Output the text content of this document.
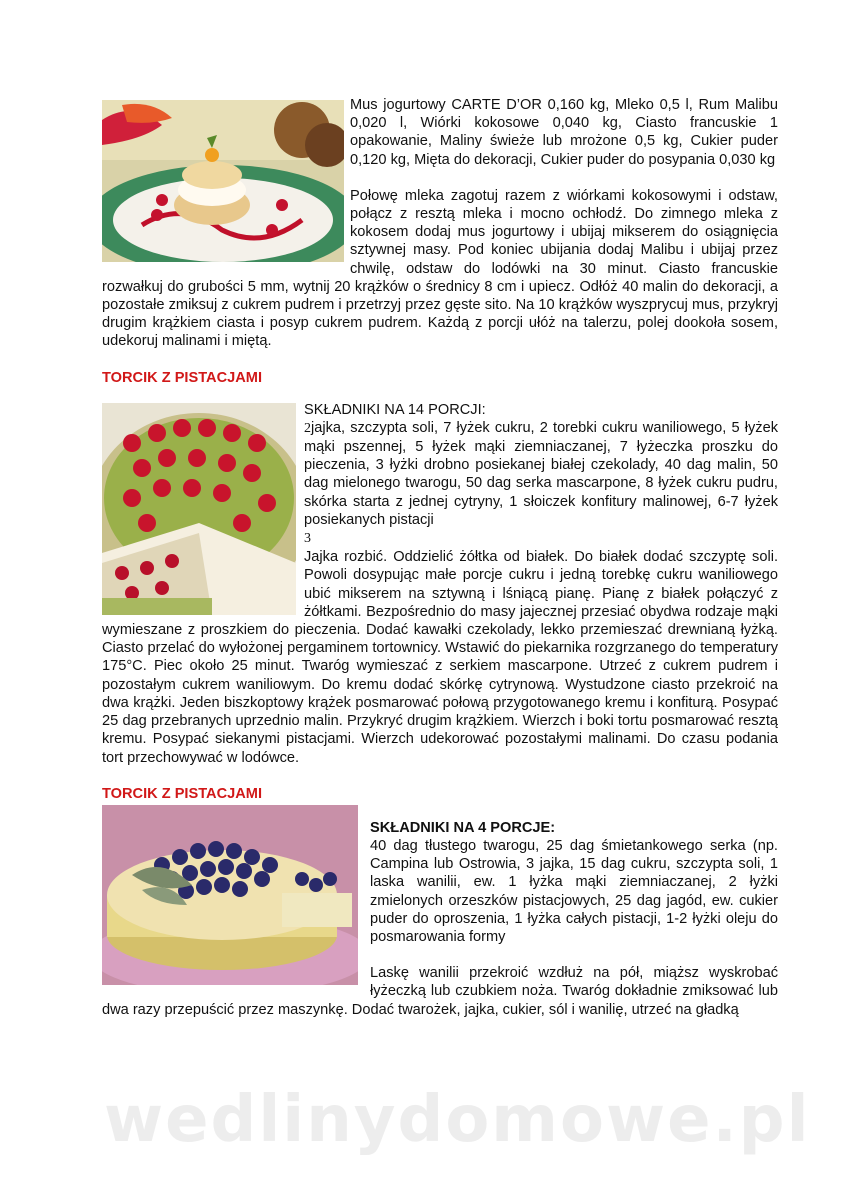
Mus jogurtowy CARTE D’OR 0,160 kg, Mleko 0,5 l, Rum Malibu 0,020 l, Wiórki kokosowe 0,040 kg, Ciasto francuskie 1 opakowanie, Maliny świeże lub mrożone 0,5 kg, Cukier puder 0,120 kg, Mięta do dekoracji, Cukier puder do posypania 0,030 kg

Połowę mleka zagotuj razem z wiórkami kokosowymi i odstaw, połącz z resztą mleka i mocno ochłodź. Do zimnego mleka z kokosem dodaj mus jogurtowy i ubijaj mikserem do osiągnięcia sztywnej masy. Pod koniec ubijania dodaj Malibu i ubijaj przez chwilę, odstaw do lodówki na 30 minut. Ciasto francuskie rozwałkuj do grubości 5 mm, wytnij 20 krążków o średnicy 8 cm i upiecz. Odłóż 40 malin do dekoracji, a pozostałe zmiksuj z cukrem pudrem i przetrzyj przez gęste sito. Na 10 krążków wyszprycuj mus, przykryj drugim krążkiem ciasta i posyp cukrem pudrem. Każdą z porcji ułóż na talerzu, polej dookoła sosem, udekoruj malinami i miętą.

TORCIK Z PISTACJAMI

SKŁADNIKI NA 14 PORCJI:

2jajka, szczypta soli, 7 łyżek cukru, 2 torebki cukru waniliowego, 5 łyżek mąki pszennej, 5 łyżek mąki ziemniaczanej, 7 łyżeczka proszku do pieczenia, 3 łyżki drobno posiekanej białej czekolady, 40 dag malin, 50 dag mielonego twarogu, 50 dag serka mascarpone, 8 łyżek cukru pudru, skórka starta z jednej cytryny, 1 słoiczek konfitury malinowej, 6-7 łyżek posiekanych pistacji

3

Jajka rozbić. Oddzielić żółtka od białek. Do białek dodać szczyptę soli. Powoli dosypując małe porcje cukru i jedną torebkę cukru waniliowego ubić mikserem na sztywną i lśniącą pianę. Pianę z białek połączyć z żółtkami. Bezpośrednio do masy jajecznej przesiać obydwa rodzaje mąki wymieszane z proszkiem do pieczenia. Dodać kawałki czekolady, lekko przemieszać drewnianą łyżką. Ciasto przelać do wyłożonej pergaminem tortownicy. Wstawić do piekarnika rozgrzanego do temperatury 175°C. Piec około 25 minut. Twaróg wymieszać z serkiem mascarpone. Utrzeć z cukrem pudrem i pozostałym cukrem waniliowym. Do kremu dodać skórkę cytrynową. Wystudzone ciasto przekroić na dwa krążki. Jeden biszkoptowy krążek posmarować połową przygotowanego kremu i konfiturą. Posypać 25 dag przebranych uprzednio malin. Przykryć drugim krążkiem. Wierzch i boki tortu posmarować resztą kremu. Posypać siekanymi pistacjami. Wierzch udekorować pozostałymi malinami. Do czasu podania tort przechowywać w lodówce.

TORCIK Z PISTACJAMI

SKŁADNIKI NA 4 PORCJE:

40 dag tłustego twarogu, 25 dag śmietankowego serka (np. Campina lub Ostrowia, 3 jajka, 15 dag cukru, szczypta soli, 1 laska wanilii, ew. 1 łyżka mąki ziemniaczanej, 2 łyżki zmielonych orzeszków pistacjowych, 25 dag jagód, ew. cukier puder do oproszenia, 1 łyżka całych pistacji, 1-2 łyżki oleju do posmarowania formy

Laskę wanilii przekroić wzdłuż na pół, miąższ wyskrobać łyżeczką lub czubkiem noża. Twaróg dokładnie zmiksować lub dwa razy przepuścić przez maszynkę. Dodać twarożek, jajka, cukier, sól i wanilię, utrzeć na gładką

wedlinydomowe.pl
